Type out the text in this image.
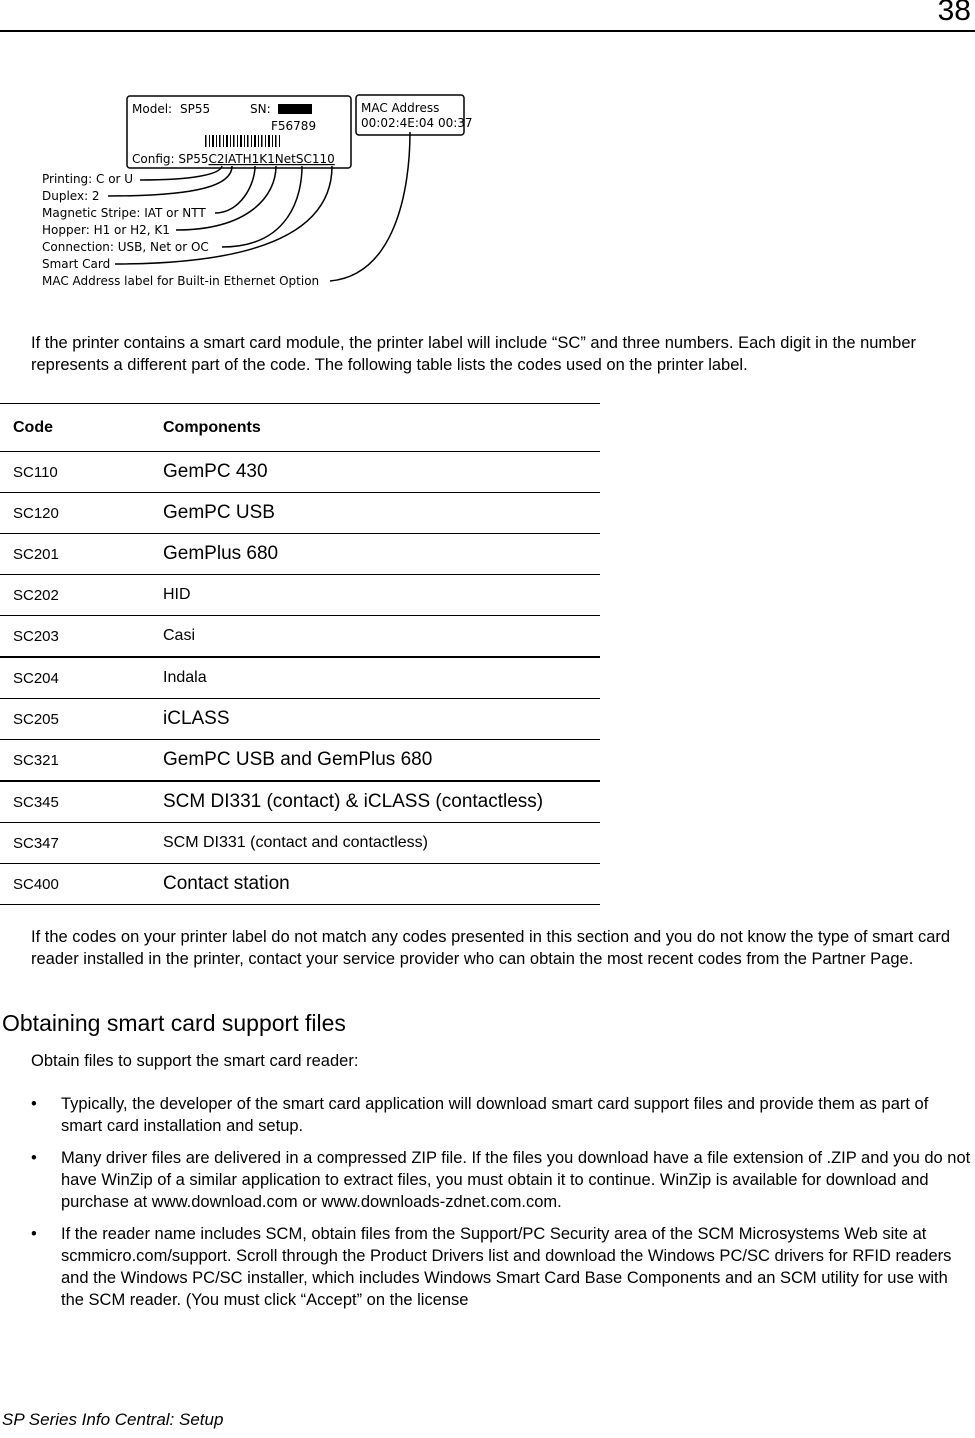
38
Model: SP55	SN:
F56789
Config: SP55C2IATH1K1NetSC110
MAC Address
00:02:4E:04 00:37
Printing: C or U
Duplex: 2
Magnetic Stripe: IAT or NTT
Hopper: H1 or H2, K1
Connection: USB, Net or OC
Smart Card
MAC Address label for Built-in Ethernet Option

If the printer contains a smart card module, the printer label will include “SC” and three numbers. Each digit in the number represents a different part of the code. The following table lists the codes used on the printer label.

Code	Components
SC110	GemPC 430
SC120	GemPC USB
SC201	GemPlus 680
SC202	HID
SC203	Casi
SC204	Indala
SC205	iCLASS
SC321	GemPC USB and GemPlus 680
SC345	SCM DI331 (contact) & iCLASS (contactless)
SC347	SCM DI331 (contact and contactless)
SC400	Contact station

If the codes on your printer label do not match any codes presented in this section and you do not know the type of smart card reader installed in the printer, contact your service provider who can obtain the most recent codes from the Partner Page.

Obtaining smart card support files

Obtain files to support the smart card reader:

• Typically, the developer of the smart card application will download smart card support files and provide them as part of smart card installation and setup.
• Many driver files are delivered in a compressed ZIP file. If the files you download have a file extension of .ZIP and you do not have WinZip of a similar application to extract files, you must obtain it to continue. WinZip is available for download and purchase at www.download.com or www.downloads-zdnet.com.com.
• If the reader name includes SCM, obtain files from the Support/PC Security area of the SCM Microsystems Web site at scmmicro.com/support. Scroll through the Product Drivers list and download the Windows PC/SC drivers for RFID readers and the Windows PC/SC installer, which includes Windows Smart Card Base Components and an SCM utility for use with the SCM reader. (You must click “Accept” on the license
SP Series Info Central: Setup
